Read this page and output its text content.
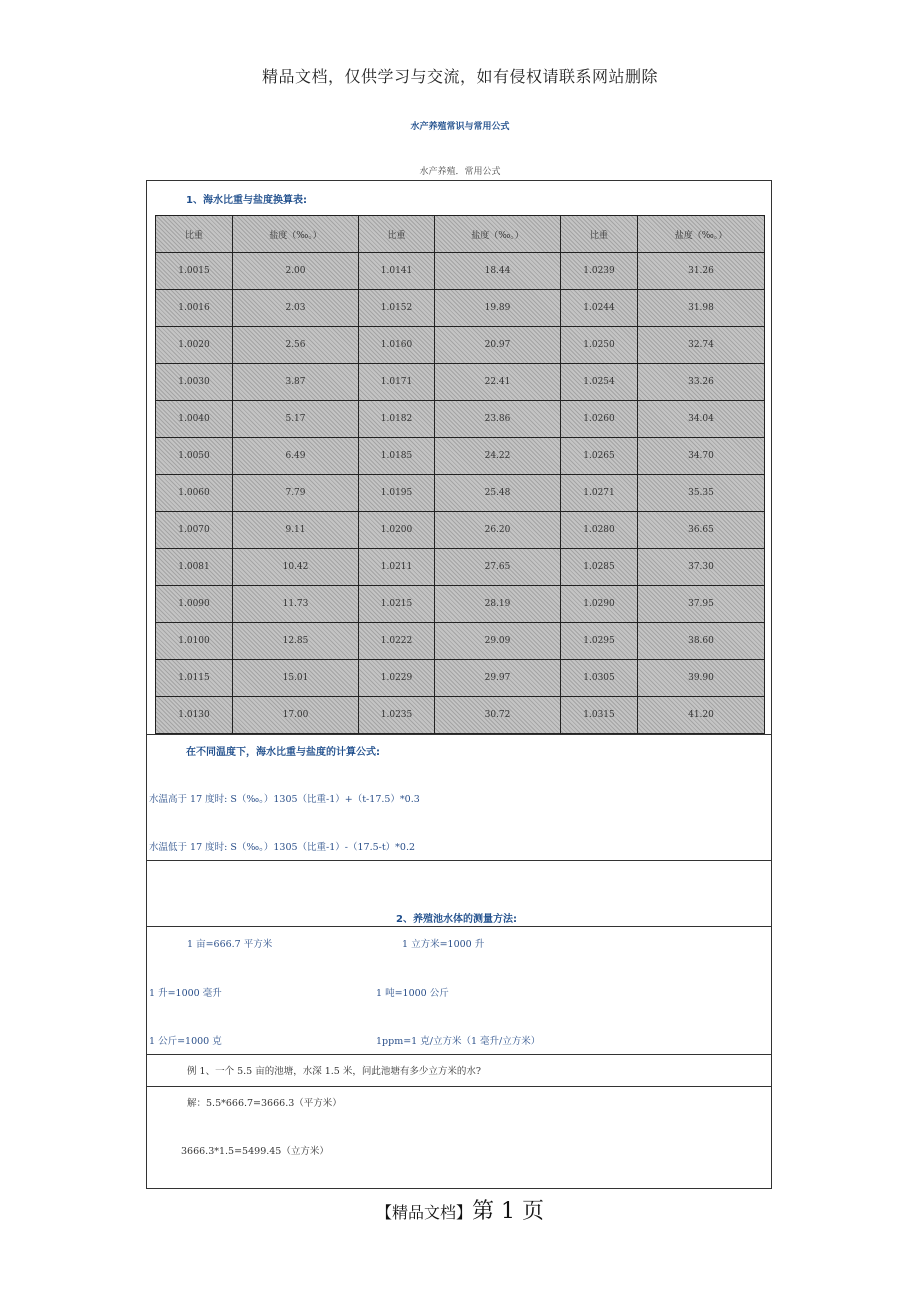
精品文档，仅供学习与交流，如有侵权请联系网站删除
水产养殖常识与常用公式
水产养殖．常用公式
1、海水比重与盐度换算表:
比重	盐度（‰。）	比重	盐度（‰。）	比重	盐度（‰。）
1.0015	2.00	1.0141	18.44	1.0239	31.26
1.0016	2.03	1.0152	19.89	1.0244	31.98
1.0020	2.56	1.0160	20.97	1.0250	32.74
1.0030	3.87	1.0171	22.41	1.0254	33.26
1.0040	5.17	1.0182	23.86	1.0260	34.04
1.0050	6.49	1.0185	24.22	1.0265	34.70
1.0060	7.79	1.0195	25.48	1.0271	35.35
1.0070	9.11	1.0200	26.20	1.0280	36.65
1.0081	10.42	1.0211	27.65	1.0285	37.30
1.0090	11.73	1.0215	28.19	1.0290	37.95
1.0100	12.85	1.0222	29.09	1.0295	38.60
1.0115	15.01	1.0229	29.97	1.0305	39.90
1.0130	17.00	1.0235	30.72	1.0315	41.20
在不同温度下，海水比重与盐度的计算公式:
水温高于 17 度时: S（‰。）1305（比重-1）+（t-17.5）*0.3
水温低于 17 度时: S（‰。）1305（比重-1）-（17.5-t）*0.2
2、养殖池水体的测量方法:
1 亩=666.7 平方米	1 立方米=1000 升
1 升=1000 毫升	1 吨=1000 公斤
1 公斤=1000 克	1ppm=1 克/立方米（1 毫升/立方米）
例 1、一个 5.5 亩的池塘，水深 1.5 米，问此池塘有多少立方米的水?
解：5.5*666.7=3666.3（平方米）
3666.3*1.5=5499.45（立方米）
【精品文档】第 1 页
